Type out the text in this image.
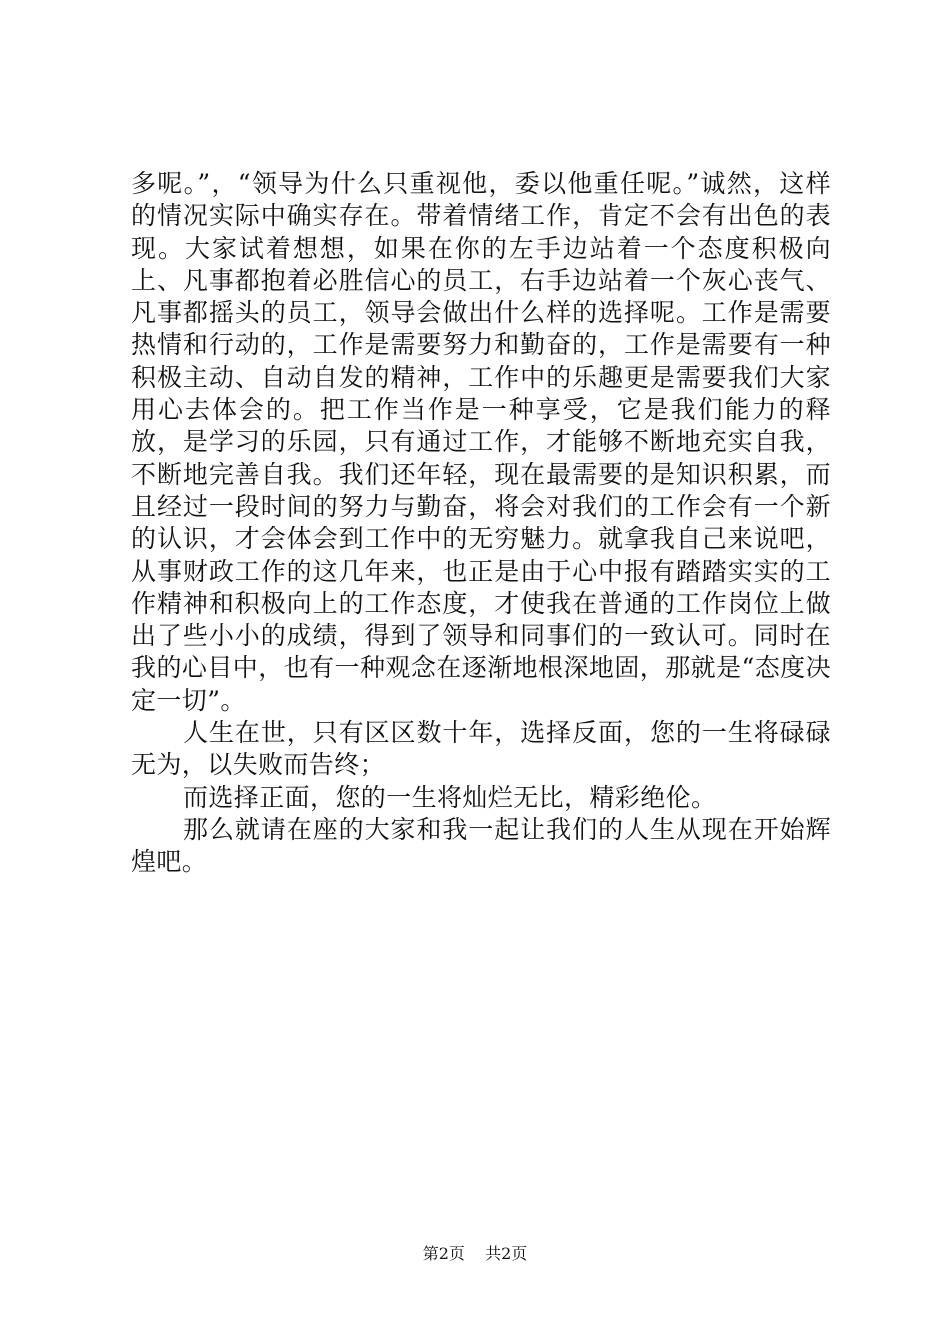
多呢。”，“领导为什么只重视他，委以他重任呢。”诚然，这样的情况实际中确实存在。带着情绪工作，肯定不会有出色的表现。大家试着想想，如果在你的左手边站着一个态度积极向上、凡事都抱着必胜信心的员工，右手边站着一个灰心丧气、凡事都摇头的员工，领导会做出什么样的选择呢。工作是需要热情和行动的，工作是需要努力和勤奋的，工作是需要有一种积极主动、自动自发的精神，工作中的乐趣更是需要我们大家用心去体会的。把工作当作是一种享受，它是我们能力的释放，是学习的乐园，只有通过工作，才能够不断地充实自我，不断地完善自我。我们还年轻，现在最需要的是知识积累，而且经过一段时间的努力与勤奋，将会对我们的工作会有一个新的认识，才会体会到工作中的无穷魅力。就拿我自己来说吧，从事财政工作的这几年来，也正是由于心中报有踏踏实实的工作精神和积极向上的工作态度，才使我在普通的工作岗位上做出了些小小的成绩，得到了领导和同事们的一致认可。同时在我的心目中，也有一种观念在逐渐地根深地固，那就是“态度决定一切”。

人生在世，只有区区数十年，选择反面，您的一生将碌碌无为，以失败而告终；

而选择正面，您的一生将灿烂无比，精彩绝伦。

那么就请在座的大家和我一起让我们的人生从现在开始辉煌吧。

第2页 共2页
